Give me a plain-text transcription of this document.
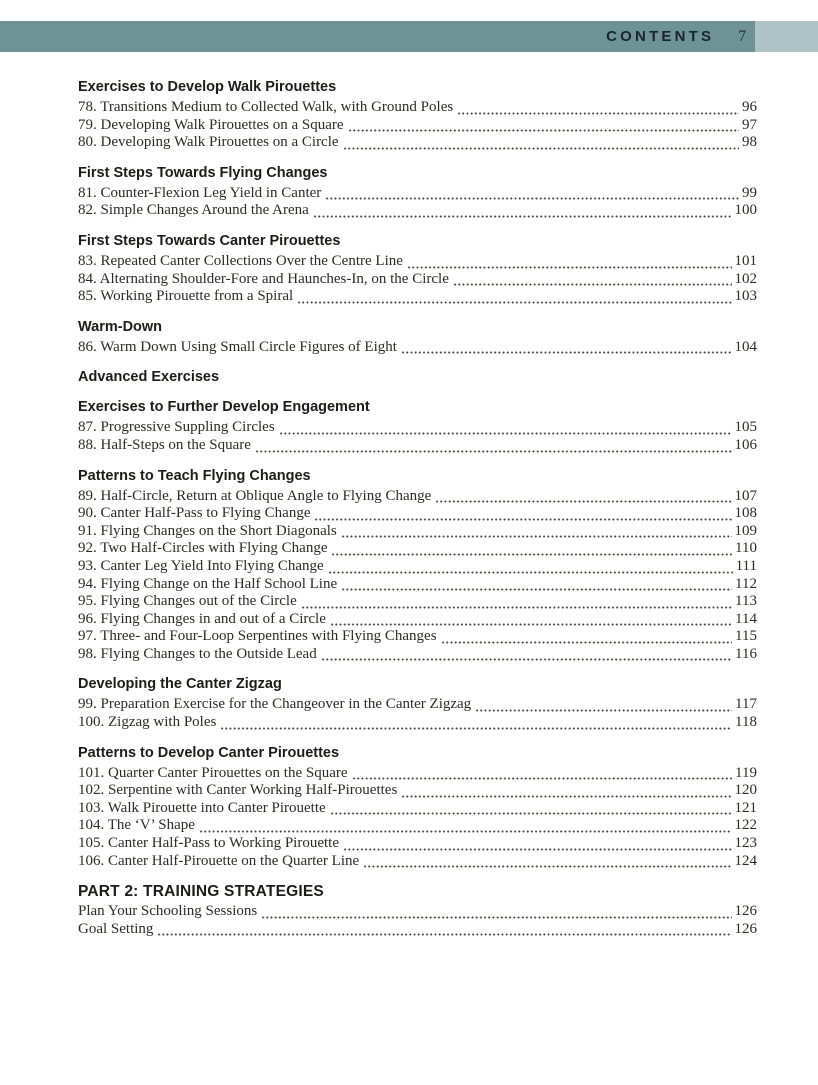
CONTENTS 7
Exercises to Develop Walk Pirouettes
78. Transitions Medium to Collected Walk, with Ground Poles	96
79. Developing Walk Pirouettes on a Square	97
80. Developing Walk Pirouettes on a Circle	98
First Steps Towards Flying Changes
81. Counter-Flexion Leg Yield in Canter	99
82. Simple Changes Around the Arena	100
First Steps Towards Canter Pirouettes
83. Repeated Canter Collections Over the Centre Line	101
84. Alternating Shoulder-Fore and Haunches-In, on the Circle	102
85. Working Pirouette from a Spiral	103
Warm-Down
86. Warm Down Using Small Circle Figures of Eight	104
Advanced Exercises
Exercises to Further Develop Engagement
87. Progressive Suppling Circles	105
88. Half-Steps on the Square	106
Patterns to Teach Flying Changes
89. Half-Circle, Return at Oblique Angle to Flying Change	107
90. Canter Half-Pass to Flying Change	108
91. Flying Changes on the Short Diagonals	109
92. Two Half-Circles with Flying Change	110
93. Canter Leg Yield Into Flying Change	111
94. Flying Change on the Half School Line	112
95. Flying Changes out of the Circle	113
96. Flying Changes in and out of a Circle	114
97. Three- and Four-Loop Serpentines with Flying Changes	115
98. Flying Changes to the Outside Lead	116
Developing the Canter Zigzag
99. Preparation Exercise for the Changeover in the Canter Zigzag	117
100. Zigzag with Poles	118
Patterns to Develop Canter Pirouettes
101. Quarter Canter Pirouettes on the Square	119
102. Serpentine with Canter Working Half-Pirouettes	120
103. Walk Pirouette into Canter Pirouette	121
104. The ‘V’ Shape	122
105. Canter Half-Pass to Working Pirouette	123
106. Canter Half-Pirouette on the Quarter Line	124
PART 2: TRAINING STRATEGIES
Plan Your Schooling Sessions	126
Goal Setting	126
